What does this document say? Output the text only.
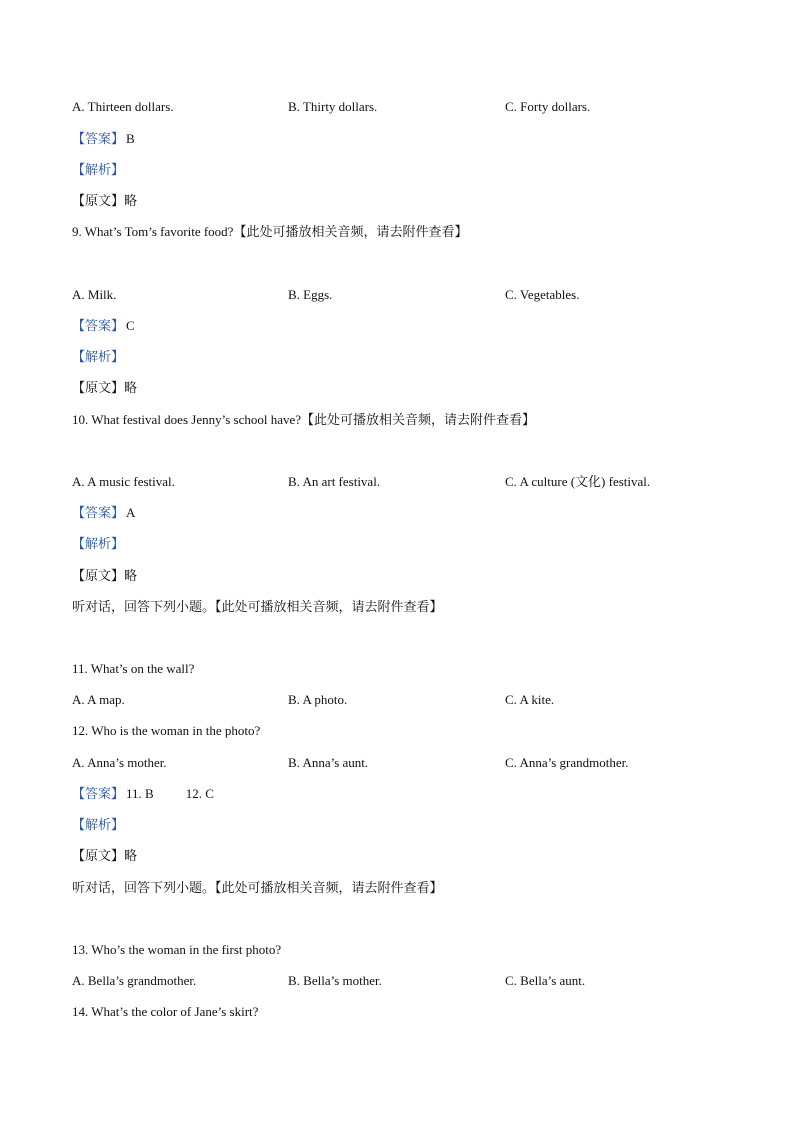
A. Thirteen dollars.	B. Thirty dollars.	C. Forty dollars.
【答案】 B
【解析】
【原文】略
9. What’s Tom’s favorite food?【此处可播放相关音频，请去附件查看】
A. Milk.	B. Eggs.	C. Vegetables.
【答案】 C
【解析】
【原文】略
10. What festival does Jenny’s school have?【此处可播放相关音频，请去附件查看】
A. A music festival.	B. An art festival.	C. A culture (文化) festival.
【答案】 A
【解析】
【原文】略
听对话，回答下列小题。【此处可播放相关音频，请去附件查看】
11. What’s on the wall?
A. A map.	B. A photo.	C. A kite.
12. Who is the woman in the photo?
A. Anna’s mother.	B. Anna’s aunt.	C. Anna’s grandmother.
【答案】 11. B 12. C
【解析】
【原文】略
听对话，回答下列小题。【此处可播放相关音频，请去附件查看】
13. Who’s the woman in the first photo?
A. Bella’s grandmother.	B. Bella’s mother.	C. Bella’s aunt.
14. What’s the color of Jane’s skirt?
